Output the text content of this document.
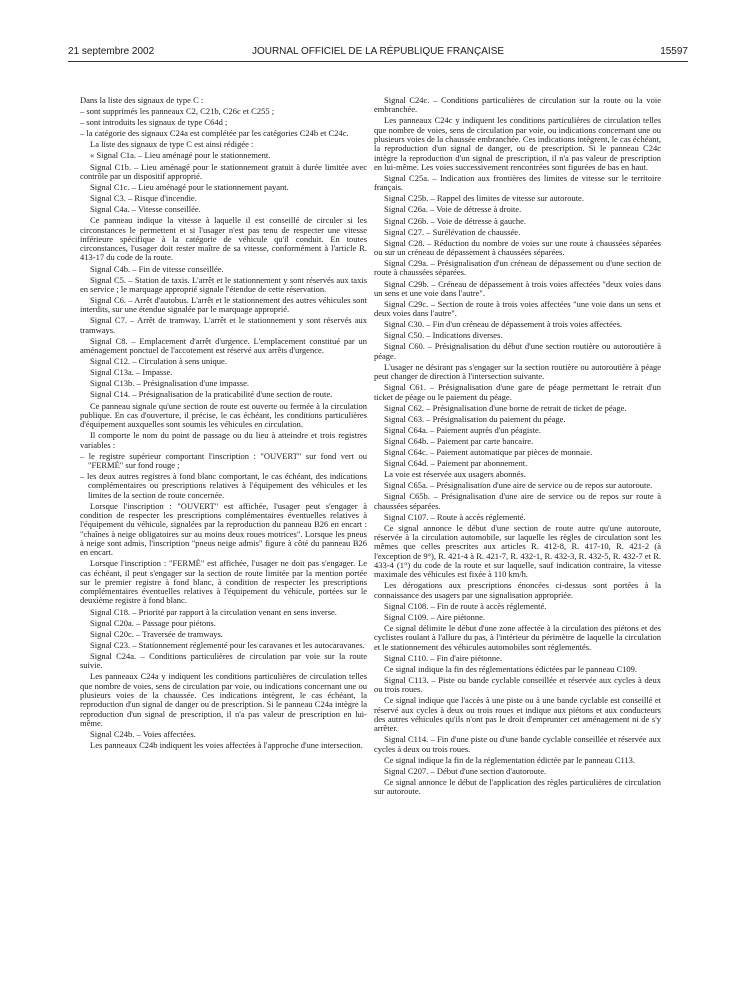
21 septembre 2002	JOURNAL OFFICIEL DE LA RÉPUBLIQUE FRANÇAISE	15597

Dans la liste des signaux de type C :

– sont supprimés les panneaux C2, C21b, C26c et C255 ;

– sont introduits les signaux de type C64d ;

– la catégorie des signaux C24a est complétée par les catégories C24b et C24c.

La liste des signaux de type C est ainsi rédigée :

« Signal C1a. – Lieu aménagé pour le stationnement.

Signal C1b. – Lieu aménagé pour le stationnement gratuit à durée limitée avec contrôle par un dispositif approprié.

Signal C1c. – Lieu aménagé pour le stationnement payant.

Signal C3. – Risque d'incendie.

Signal C4a. – Vitesse conseillée.

Ce panneau indique la vitesse à laquelle il est conseillé de circuler si les circonstances le permettent et si l'usager n'est pas tenu de respecter une vitesse inférieure spécifique à la catégorie de véhicule qu'il conduit. En toutes circonstances, l'usager doit rester maître de sa vitesse, conformément à l'article R. 413-17 du code de la route.

Signal C4b. – Fin de vitesse conseillée.

Signal C5. – Station de taxis. L'arrêt et le stationnement y sont réservés aux taxis en service ; le marquage approprié signale l'étendue de cette réservation.

Signal C6. – Arrêt d'autobus. L'arrêt et le stationnement des autres véhicules sont interdits, sur une étendue signalée par le marquage approprié.

Signal C7. – Arrêt de tramway. L'arrêt et le stationnement y sont réservés aux tramways.

Signal C8. – Emplacement d'arrêt d'urgence. L'emplacement constitué par un aménagement ponctuel de l'accotement est réservé aux arrêts d'urgence.

Signal C12. – Circulation à sens unique.

Signal C13a. – Impasse.

Signal C13b. – Présignalisation d'une impasse.

Signal C14. – Présignalisation de la praticabilité d'une section de route.

Ce panneau signale qu'une section de route est ouverte ou fermée à la circulation publique. En cas d'ouverture, il précise, le cas échéant, les conditions particulières d'équipement auxquelles sont soumis les véhicules en circulation.

Il comporte le nom du point de passage ou du lieu à atteindre et trois registres variables :

– le registre supérieur comportant l'inscription : "OUVERT" sur fond vert ou "FERMÉ" sur fond rouge ;

– les deux autres registres à fond blanc comportant, le cas échéant, des indications complémentaires ou prescriptions relatives à l'équipement des véhicules et les limites de la section de route concernée.

Lorsque l'inscription : "OUVERT" est affichée, l'usager peut s'engager à condition de respecter les prescriptions complémentaires éventuelles relatives à l'équipement du véhicule, signalées par la reproduction du panneau B26 en encart : "chaînes à neige obligatoires sur au moins deux roues motrices". Lorsque les pneus à neige sont admis, l'inscription "pneus neige admis" figure à côté du panneau B26 en encart.

Lorsque l'inscription : "FERMÉ" est affichée, l'usager ne doit pas s'engager. Le cas échéant, il peut s'engager sur la section de route limitée par la mention portée sur le premier registre à fond blanc, à condition de respecter les prescriptions complémentaires éventuelles relatives à l'équipement du véhicule, portées sur le deuxième registre à fond blanc.

Signal C18. – Priorité par rapport à la circulation venant en sens inverse.

Signal C20a. – Passage pour piétons.

Signal C20c. – Traversée de tramways.

Signal C23. – Stationnement réglementé pour les caravanes et les autocaravanes.

Signal C24a. – Conditions particulières de circulation par voie sur la route suivie.

Les panneaux C24a y indiquent les conditions particulières de circulation telles que nombre de voies, sens de circulation par voie, ou indications concernant une ou plusieurs voies de la chaussée. Ces indications intègrent, le cas échéant, la reproduction d'un signal de danger ou de prescription. Si le panneau C24a intègre la reproduction d'un signal de prescription, il n'a pas valeur de prescription en lui-même.

Signal C24b. – Voies affectées.

Les panneaux C24b indiquent les voies affectées à l'approche d'une intersection.

Signal C24c. – Conditions particulières de circulation sur la route ou la voie embranchée.

Les panneaux C24c y indiquent les conditions particulières de circulation telles que nombre de voies, sens de circulation par voie, ou indications concernant une ou plusieurs voies de la chaussée embranchée. Ces indications intègrent, le cas échéant, la reproduction d'un signal de danger, ou de prescription. Si le panneau C24c intègre la reproduction d'un signal de prescription, il n'a pas valeur de prescription en lui-même. Les voies successivement rencontrées sont figurées de bas en haut.

Signal C25a. – Indication aux frontières des limites de vitesse sur le territoire français.

Signal C25b. – Rappel des limites de vitesse sur autoroute.

Signal C26a. – Voie de détresse à droite.

Signal C26b. – Voie de détresse à gauche.

Signal C27. – Surélévation de chaussée.

Signal C28. – Réduction du nombre de voies sur une route à chaussées séparées ou sur un créneau de dépassement à chaussées séparées.

Signal C29a. – Présignalisation d'un créneau de dépassement ou d'une section de route à chaussées séparées.

Signal C29b. – Créneau de dépassement à trois voies affectées "deux voies dans un sens et une voie dans l'autre".

Signal C29c. – Section de route à trois voies affectées "une voie dans un sens et deux voies dans l'autre".

Signal C30. – Fin d'un créneau de dépassement à trois voies affectées.

Signal C50. – Indications diverses.

Signal C60. – Présignalisation du début d'une section routière ou autoroutière à péage.

L'usager ne désirant pas s'engager sur la section routière ou autoroutière à péage peut changer de direction à l'intersection suivante.

Signal C61. – Présignalisation d'une gare de péage permettant le retrait d'un ticket de péage ou le paiement du péage.

Signal C62. – Présignalisation d'une borne de retrait de ticket de péage.

Signal C63. – Présignalisation du paiement du péage.

Signal C64a. – Paiement auprès d'un péagiste.

Signal C64b. – Paiement par carte bancaire.

Signal C64c. – Paiement automatique par pièces de monnaie.

Signal C64d. – Paiement par abonnement.

La voie est réservée aux usagers abonnés.

Signal C65a. – Présignalisation d'une aire de service ou de repos sur autoroute.

Signal C65b. – Présignalisation d'une aire de service ou de repos sur route à chaussées séparées.

Signal C107. – Route à accès réglementé.

Ce signal annonce le début d'une section de route autre qu'une autoroute, réservée à la circulation automobile, sur laquelle les règles de circulation sont les mêmes que celles prescrites aux articles R. 412-8, R. 417-10, R. 421-2 (à l'exception de 9°), R. 421-4 à R. 421-7, R. 432-1, R. 432-3, R. 432-5, R. 432-7 et R. 433-4 (1°) du code de la route et sur laquelle, sauf indication contraire, la vitesse maximale des véhicules est fixée à 110 km/h.

Les dérogations aux prescriptions énoncées ci-dessus sont portées à la connaissance des usagers par une signalisation appropriée.

Signal C108. – Fin de route à accès réglementé.

Signal C109. – Aire piétonne.

Ce signal délimite le début d'une zone affectée à la circulation des piétons et des cyclistes roulant à l'allure du pas, à l'intérieur du périmètre de laquelle la circulation et le stationnement des véhicules automobiles sont réglementés.

Signal C110. – Fin d'aire piétonne.

Ce signal indique la fin des réglementations édictées par le panneau C109.

Signal C113. – Piste ou bande cyclable conseillée et réservée aux cycles à deux ou trois roues.

Ce signal indique que l'accès à une piste ou à une bande cyclable est conseillé et réservé aux cycles à deux ou trois roues et indique aux piétons et aux conducteurs des autres véhicules qu'ils n'ont pas le droit d'emprunter cet aménagement ni de s'y arrêter.

Signal C114. – Fin d'une piste ou d'une bande cyclable conseillée et réservée aux cycles à deux ou trois roues.

Ce signal indique la fin de la réglementation édictée par le panneau C113.

Signal C207. – Début d'une section d'autoroute.

Ce signal annonce le début de l'application des règles particulières de circulation sur autoroute.
